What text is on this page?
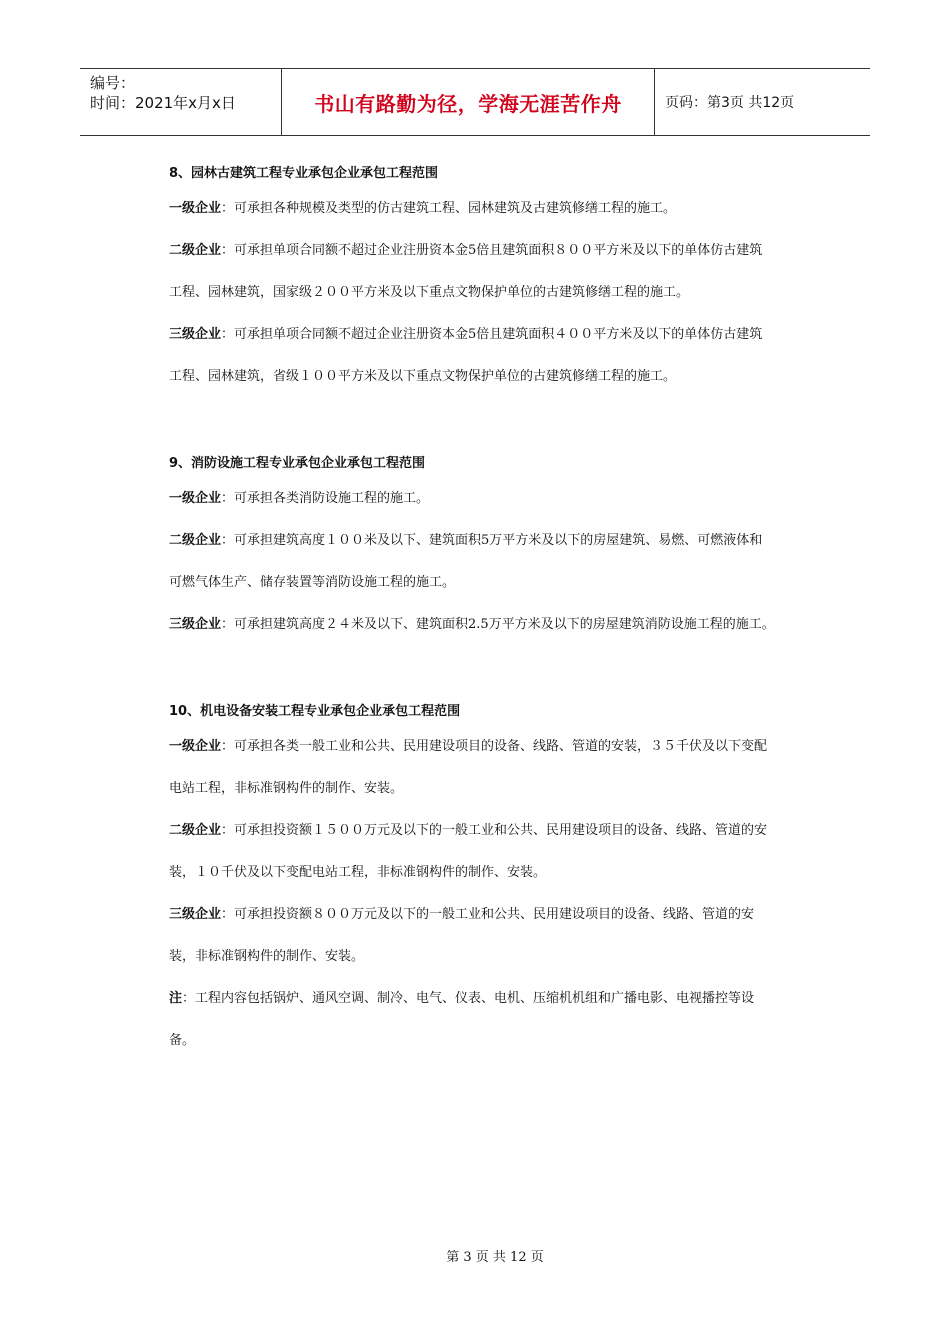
编号：
时间：2021年x月x日	书山有路勤为径，学海无涯苦作舟	页码：第3页 共12页

8、园林古建筑工程专业承包企业承包工程范围

一级企业：可承担各种规模及类型的仿古建筑工程、园林建筑及古建筑修缮工程的施工。

二级企业：可承担单项合同额不超过企业注册资本金5倍且建筑面积８００平方米及以下的单体仿古建筑工程、园林建筑，国家级２００平方米及以下重点文物保护单位的古建筑修缮工程的施工。

三级企业：可承担单项合同额不超过企业注册资本金5倍且建筑面积４００平方米及以下的单体仿古建筑工程、园林建筑，省级１００平方米及以下重点文物保护单位的古建筑修缮工程的施工。

9、消防设施工程专业承包企业承包工程范围

一级企业：可承担各类消防设施工程的施工。

二级企业：可承担建筑高度１００米及以下、建筑面积5万平方米及以下的房屋建筑、易燃、可燃液体和可燃气体生产、储存装置等消防设施工程的施工。

三级企业：可承担建筑高度２４米及以下、建筑面积2.5万平方米及以下的房屋建筑消防设施工程的施工。

10、机电设备安装工程专业承包企业承包工程范围

一级企业：可承担各类一般工业和公共、民用建设项目的设备、线路、管道的安装，３５千伏及以下变配电站工程，非标准钢构件的制作、安装。

二级企业：可承担投资额１５００万元及以下的一般工业和公共、民用建设项目的设备、线路、管道的安装，１０千伏及以下变配电站工程，非标准钢构件的制作、安装。

三级企业：可承担投资额８００万元及以下的一般工业和公共、民用建设项目的设备、线路、管道的安装，非标准钢构件的制作、安装。

注：工程内容包括锅炉、通风空调、制冷、电气、仪表、电机、压缩机机组和广播电影、电视播控等设备。

第 3 页 共 12 页
